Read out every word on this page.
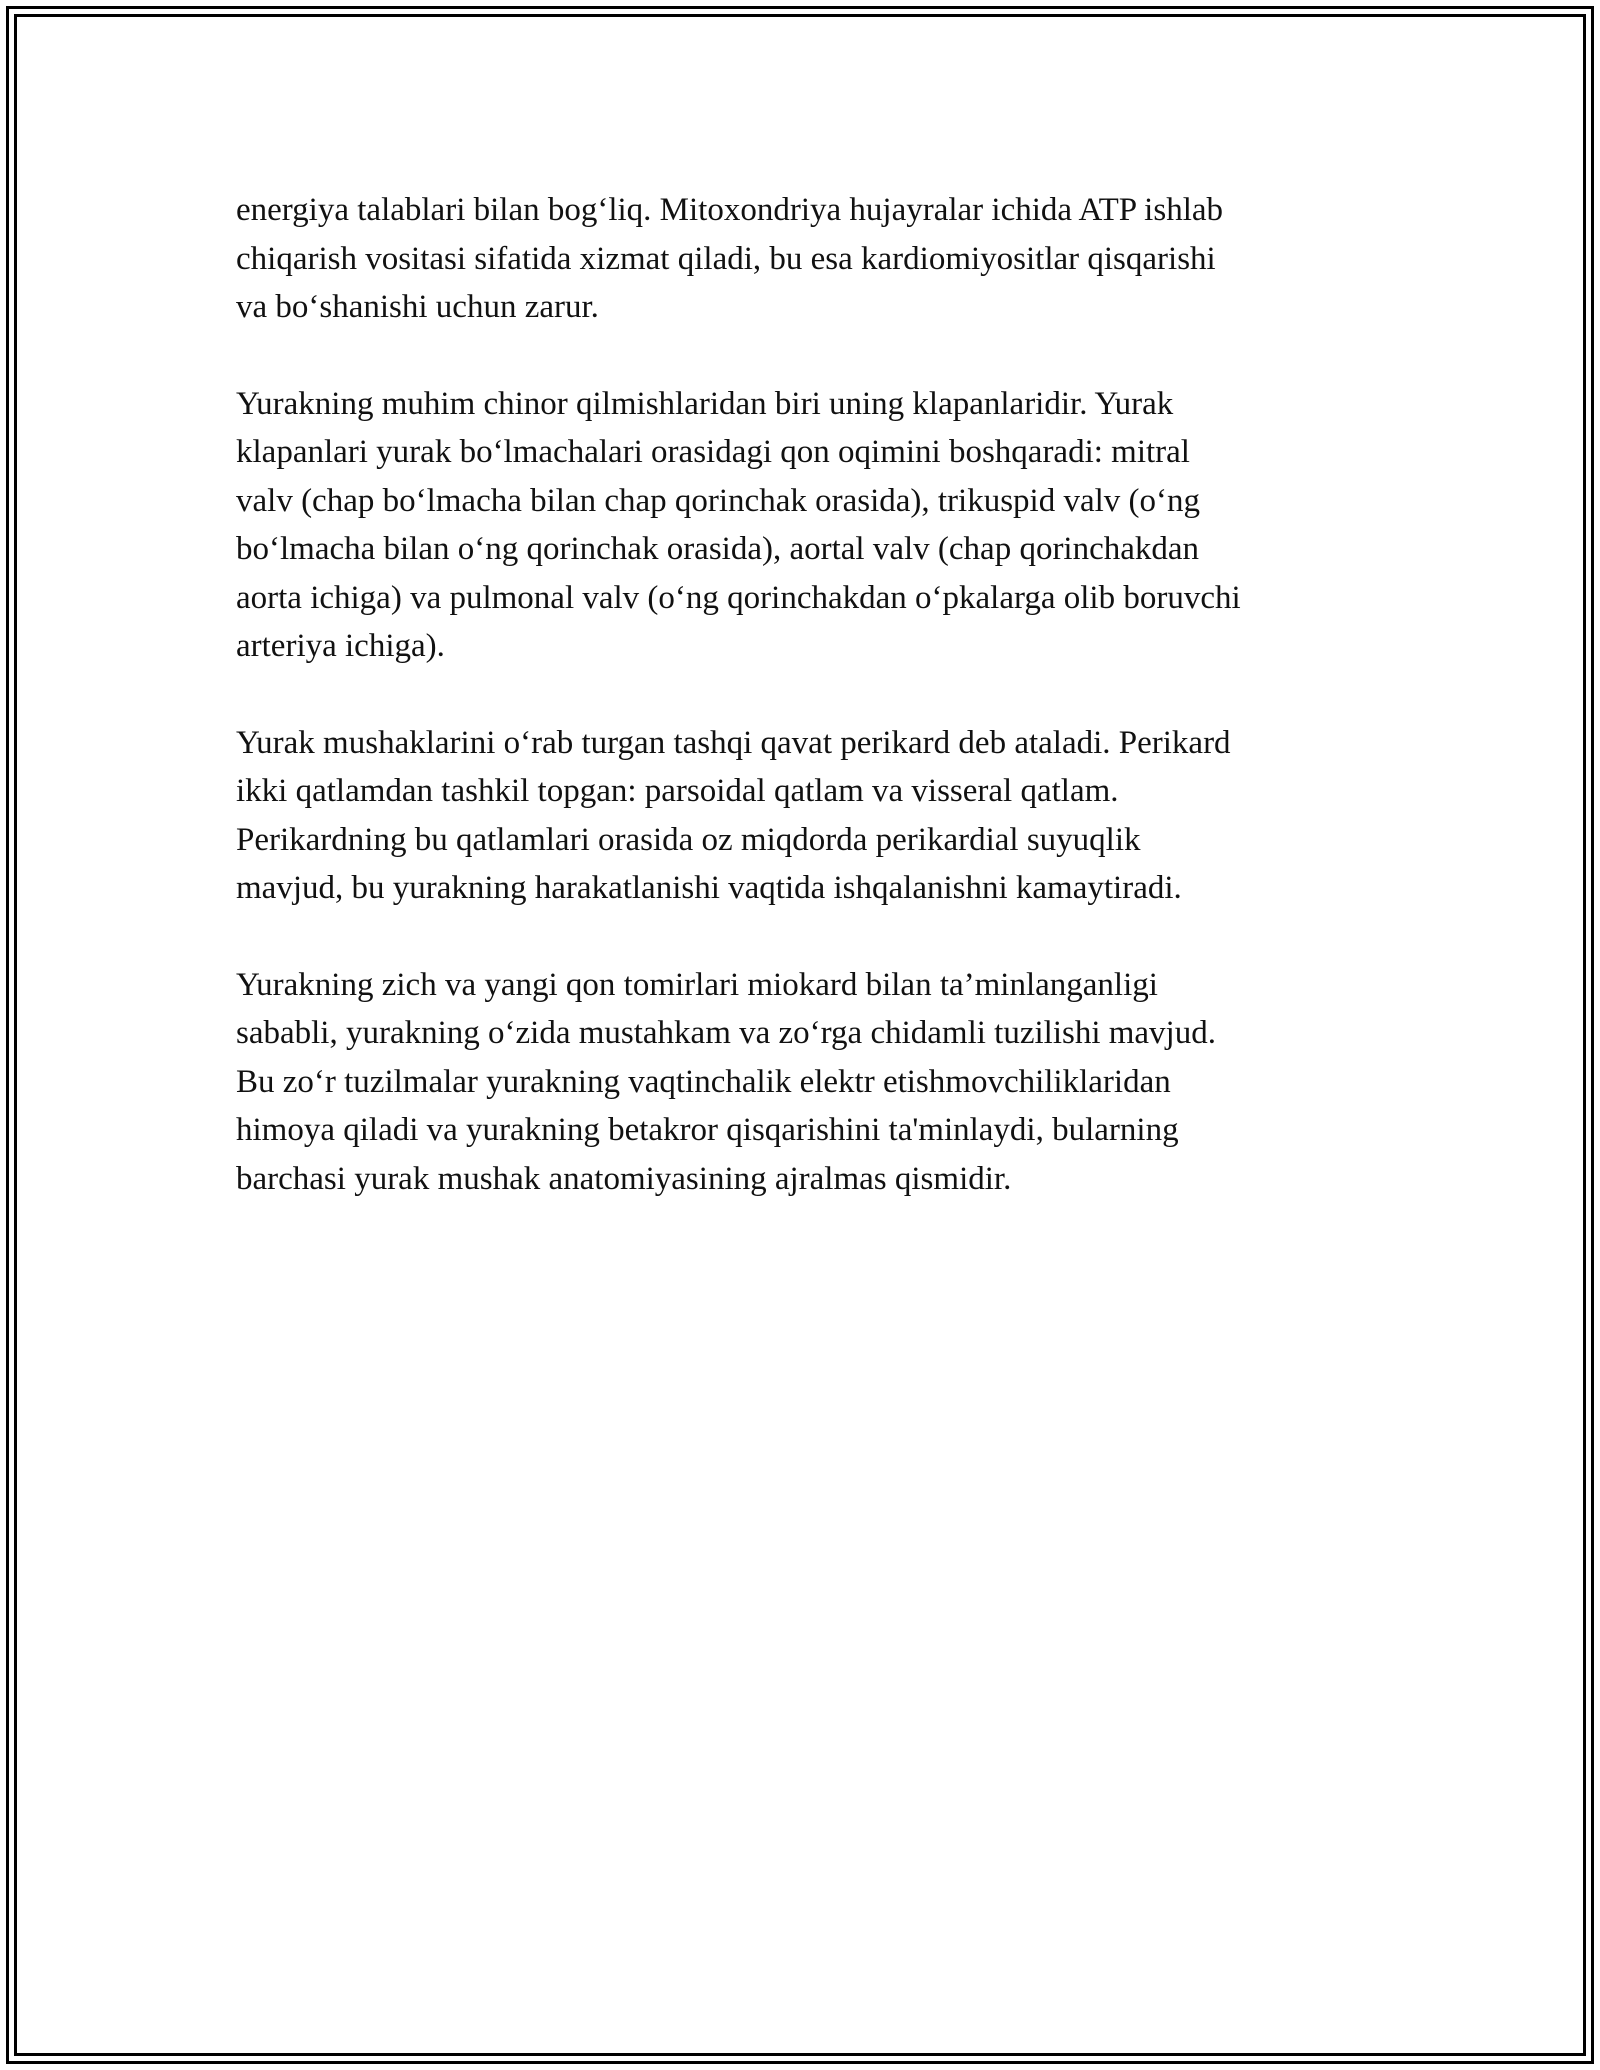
energiya talablari bilan bog‘liq. Mitoxondriya hujayralar ichida ATP ishlab
chiqarish vositasi sifatida xizmat qiladi, bu esa kardiomiyositlar qisqarishi
va bo‘shanishi uchun zarur.

Yurakning muhim chinor qilmishlaridan biri uning klapanlaridir. Yurak
klapanlari yurak bo‘lmachalari orasidagi qon oqimini boshqaradi: mitral
valv (chap bo‘lmacha bilan chap qorinchak orasida), trikuspid valv (o‘ng
bo‘lmacha bilan o‘ng qorinchak orasida), aortal valv (chap qorinchakdan
aorta ichiga) va pulmonal valv (o‘ng qorinchakdan o‘pkalarga olib boruvchi
arteriya ichiga).

Yurak mushaklarini o‘rab turgan tashqi qavat perikard deb ataladi. Perikard
ikki qatlamdan tashkil topgan: parsoidal qatlam va visseral qatlam.
Perikardning bu qatlamlari orasida oz miqdorda perikardial suyuqlik
mavjud, bu yurakning harakatlanishi vaqtida ishqalanishni kamaytiradi.

Yurakning zich va yangi qon tomirlari miokard bilan ta’minlanganligi
sababli, yurakning o‘zida mustahkam va zo‘rga chidamli tuzilishi mavjud.
Bu zo‘r tuzilmalar yurakning vaqtinchalik elektr etishmovchiliklaridan
himoya qiladi va yurakning betakror qisqarishini ta'minlaydi, bularning
barchasi yurak mushak anatomiyasining ajralmas qismidir.
